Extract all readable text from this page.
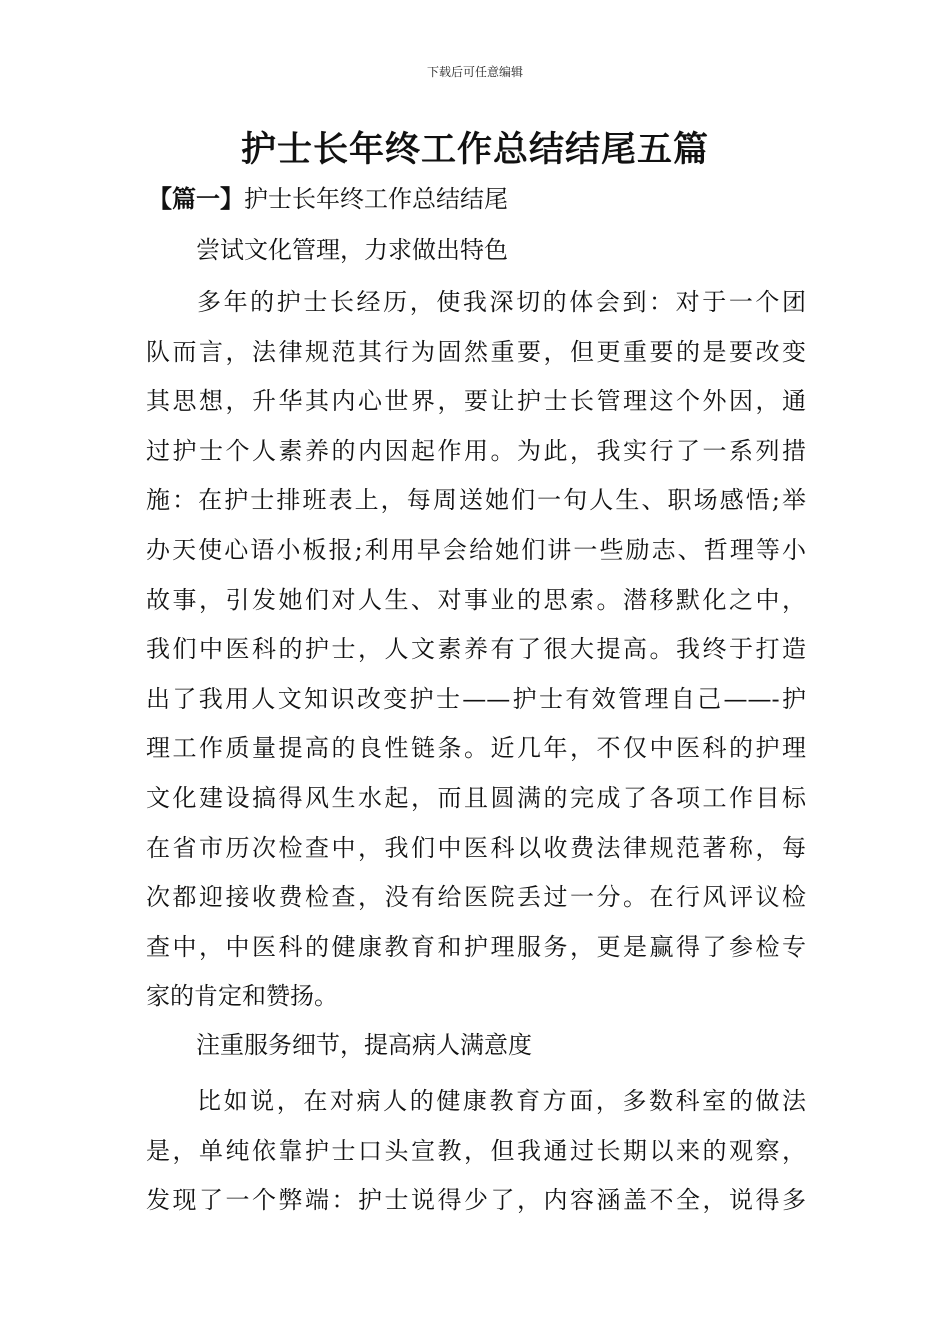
下载后可任意编辑
护士长年终工作总结结尾五篇
【篇一】护士长年终工作总结结尾
尝试文化管理，力求做出特色
多年的护士长经历，使我深切的体会到：对于一个团
队而言，法律规范其行为固然重要，但更重要的是要改变
其思想，升华其内心世界，要让护士长管理这个外因，通
过护士个人素养的内因起作用。为此，我实行了一系列措
施：在护士排班表上，每周送她们一句人生、职场感悟;举
办天使心语小板报;利用早会给她们讲一些励志、哲理等小
故事，引发她们对人生、对事业的思索。潜移默化之中，
我们中医科的护士，人文素养有了很大提高。我终于打造
出了我用人文知识改变护士——护士有效管理自己——-护
理工作质量提高的良性链条。近几年，不仅中医科的护理
文化建设搞得风生水起，而且圆满的完成了各项工作目标
在省市历次检查中，我们中医科以收费法律规范著称，每
次都迎接收费检查，没有给医院丢过一分。在行风评议检
查中，中医科的健康教育和护理服务，更是赢得了参检专
家的肯定和赞扬。
注重服务细节，提高病人满意度
比如说，在对病人的健康教育方面，多数科室的做法
是，单纯依靠护士口头宣教，但我通过长期以来的观察，
发现了一个弊端：护士说得少了，内容涵盖不全，说得多
